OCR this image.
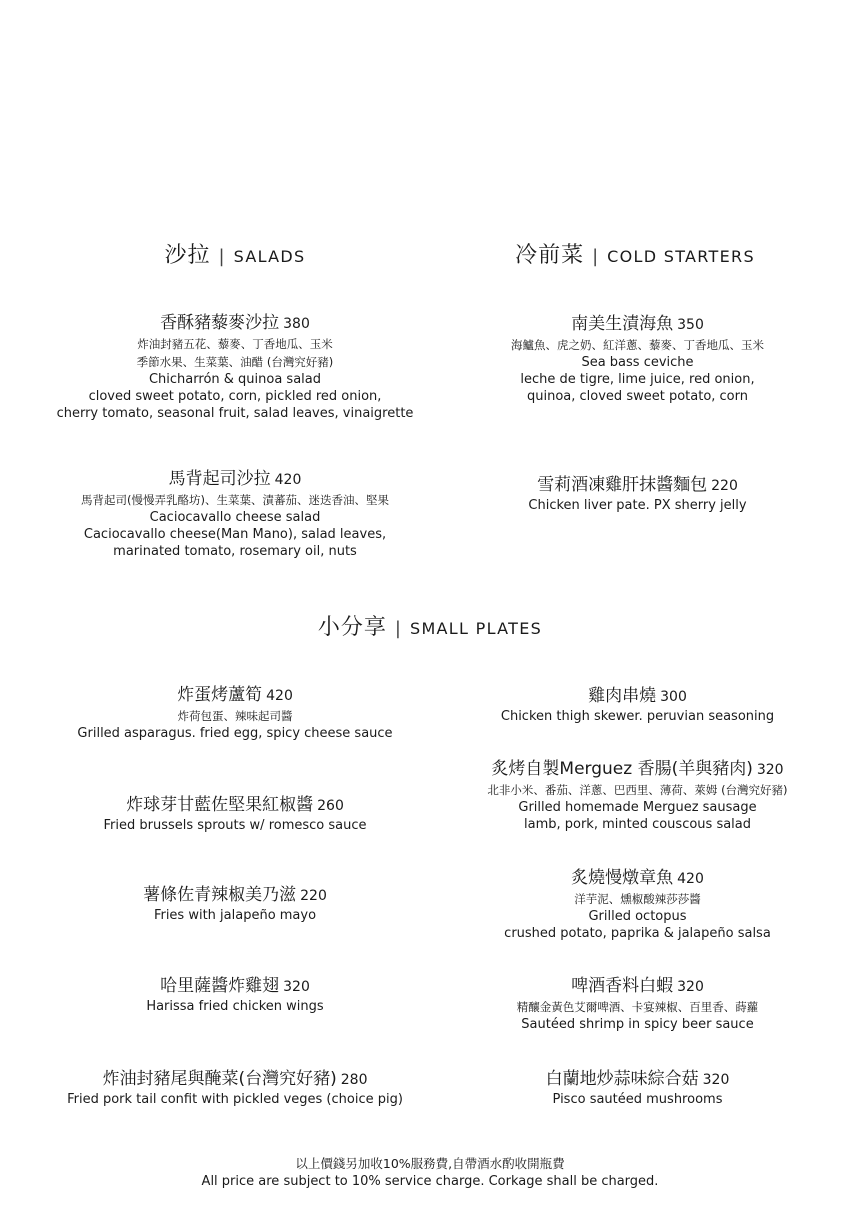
沙拉 | SALADS	冷前菜 | COLD STARTERS
小分享 | SMALL PLATES
香酥豬藜麥沙拉 380
炸油封豬五花、藜麥、丁香地瓜、玉米
季節水果、生菜葉、油醋 (台灣究好豬)
Chicharrón & quinoa salad
cloved sweet potato, corn, pickled red onion,
cherry tomato, seasonal fruit, salad leaves, vinaigrette
馬背起司沙拉 420
馬背起司(慢慢弄乳酪坊)、生菜葉、漬蕃茄、迷迭香油、堅果
Caciocavallo cheese salad
Caciocavallo cheese(Man Mano), salad leaves,
marinated tomato, rosemary oil, nuts
南美生漬海魚 350
海鱸魚、虎之奶、紅洋蔥、藜麥、丁香地瓜、玉米
Sea bass ceviche
leche de tigre, lime juice, red onion,
quinoa, cloved sweet potato, corn
雪莉酒凍雞肝抹醬麵包 220
Chicken liver pate. PX sherry jelly
炸蛋烤蘆筍 420
炸荷包蛋、辣味起司醬
Grilled asparagus. fried egg, spicy cheese sauce
炸球芽甘藍佐堅果紅椒醬 260
Fried brussels sprouts w/ romesco sauce
薯條佐青辣椒美乃滋 220
Fries with jalapeño mayo
哈里薩醬炸雞翅 320
Harissa fried chicken wings
炸油封豬尾與醃菜(台灣究好豬) 280
Fried pork tail confit with pickled veges (choice pig)
雞肉串燒 300
Chicken thigh skewer. peruvian seasoning
炙烤自製Merguez 香腸(羊與豬肉) 320
北非小米、番茄、洋蔥、巴西里、薄荷、萊姆 (台灣究好豬)
Grilled homemade Merguez sausage
lamb, pork, minted couscous salad
炙燒慢燉章魚 420
洋芋泥、燻椒酸辣莎莎醬
Grilled octopus
crushed potato, paprika & jalapeño salsa
啤酒香料白蝦 320
精釀金黃色艾爾啤酒、卡宴辣椒、百里香、蒔蘿
Sautéed shrimp in spicy beer sauce
白蘭地炒蒜味綜合菇 320
Pisco sautéed mushrooms
以上價錢另加收10%服務費,自帶酒水酌收開瓶費
All price are subject to 10% service charge. Corkage shall be charged.
